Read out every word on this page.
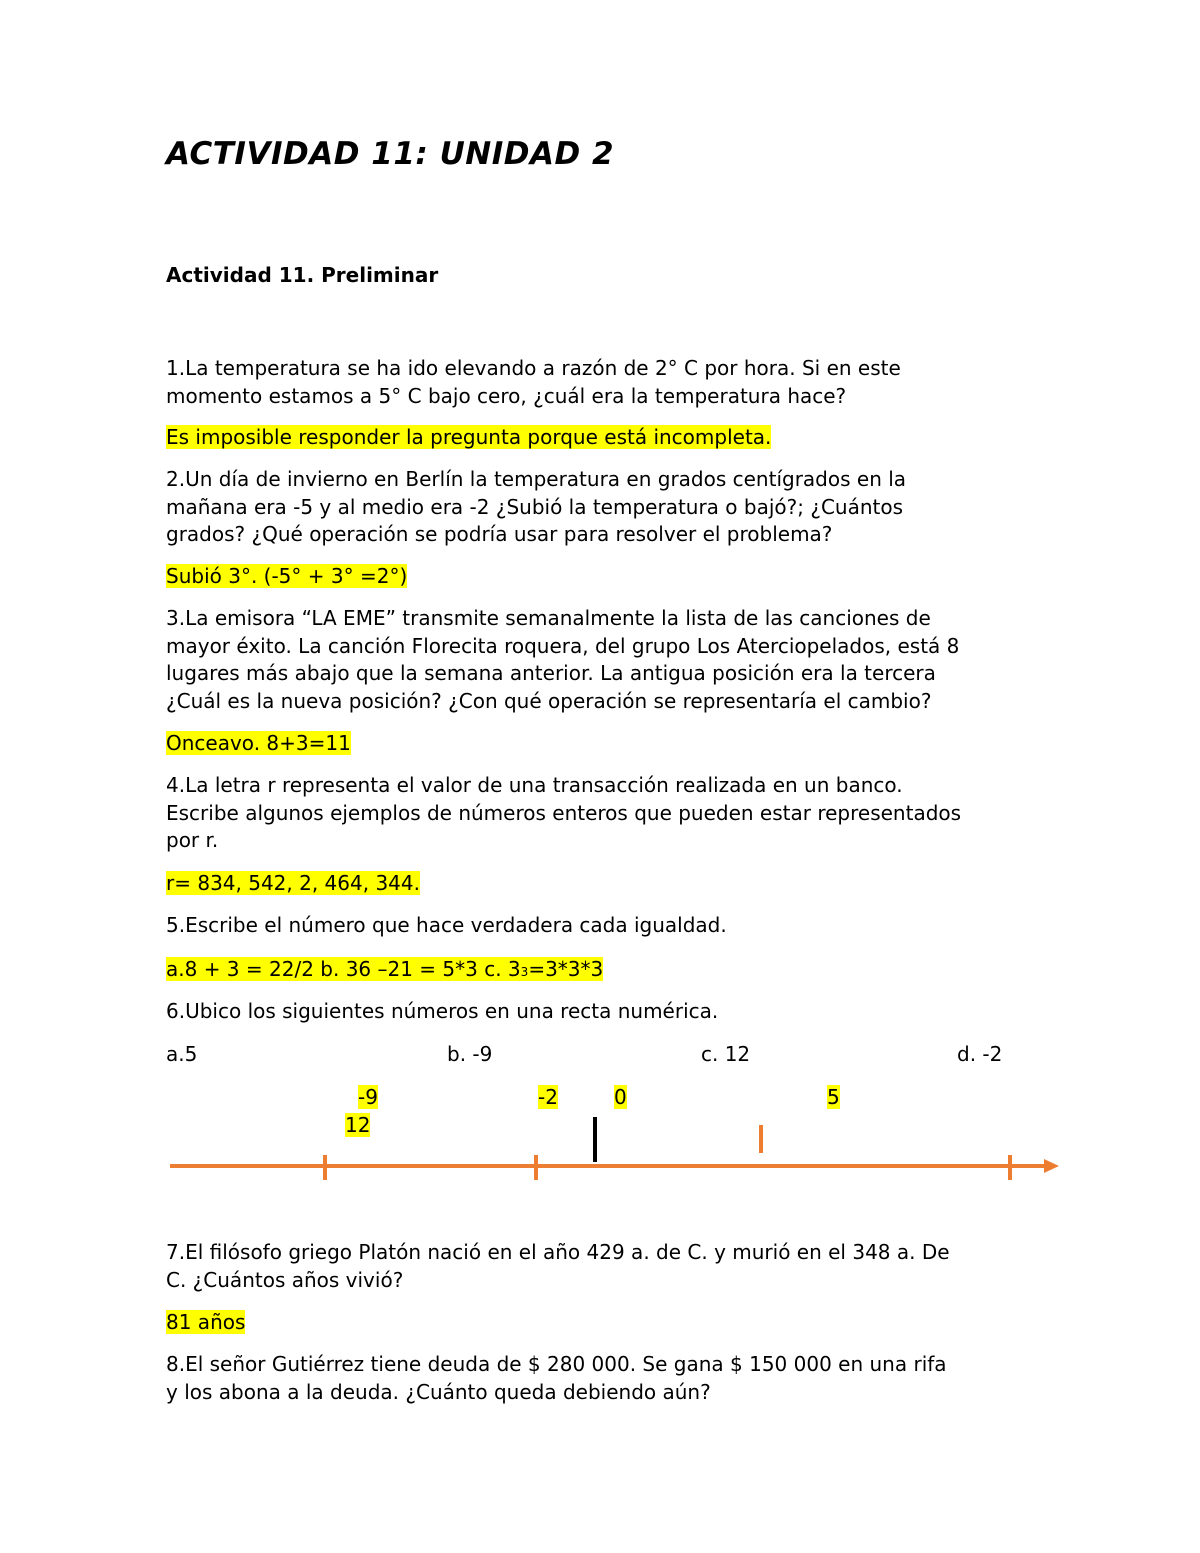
ACTIVIDAD 11: UNIDAD 2
Actividad 11. Preliminar
1.La temperatura se ha ido elevando a razón de 2° C por hora. Si en este
momento estamos a 5° C bajo cero, ¿cuál era la temperatura hace?
Es imposible responder la pregunta porque está incompleta.
2.Un día de invierno en Berlín la temperatura en grados centígrados en la
mañana era -5 y al medio era -2 ¿Subió la temperatura o bajó?; ¿Cuántos
grados? ¿Qué operación se podría usar para resolver el problema?
Subió 3°. (-5° + 3° =2°)
3.La emisora “LA EME” transmite semanalmente la lista de las canciones de
mayor éxito. La canción Florecita roquera, del grupo Los Aterciopelados, está 8
lugares más abajo que la semana anterior. La antigua posición era la tercera
¿Cuál es la nueva posición? ¿Con qué operación se representaría el cambio?
Onceavo. 8+3=11
4.La letra r representa el valor de una transacción realizada en un banco.
Escribe algunos ejemplos de números enteros que pueden estar representados
por r.
r= 834, 542, 2, 464, 344.
5.Escribe el número que hace verdadera cada igualdad.
a.8 + 3 = 22/2 b. 36 –21 = 5*3 c. 33=3*3*3
6.Ubico los siguientes números en una recta numérica.
a.5	b. -9	c. 12	d. -2
-9
12
-2	0	5
7.El filósofo griego Platón nació en el año 429 a. de C. y murió en el 348 a. De
C. ¿Cuántos años vivió?
81 años
8.El señor Gutiérrez tiene deuda de $ 280 000. Se gana $ 150 000 en una rifa
y los abona a la deuda. ¿Cuánto queda debiendo aún?
